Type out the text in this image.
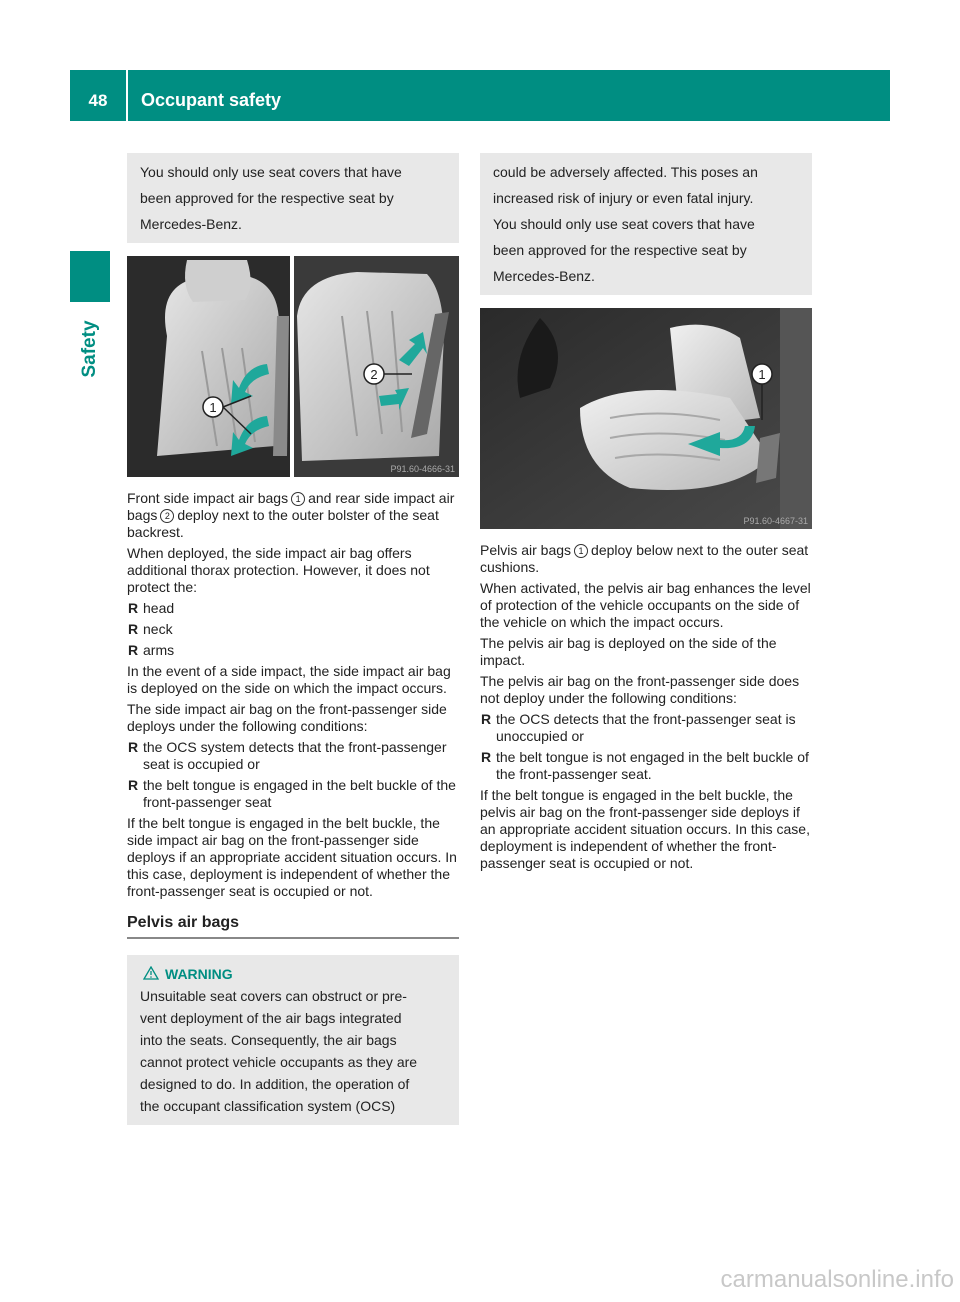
48	Occupant safety
Safety

You should only use seat covers that have

been approved for the respective seat by

Mercedes-Benz.

1
2
P91.60-4666-31

Front side impact air bags 1 and rear side impact air bags 2 deploy next to the outer bolster of the seat backrest.

When deployed, the side impact air bag offers additional thorax protection. However, it does not protect the:

R head
R neck
R arms

In the event of a side impact, the side impact air bag is deployed on the side on which the impact occurs.

The side impact air bag on the front-passenger side deploys under the following conditions:

R the OCS system detects that the front-passenger seat is occupied or
R the belt tongue is engaged in the belt buckle of the front-passenger seat

If the belt tongue is engaged in the belt buckle, the side impact air bag on the front-passenger side deploys if an appropriate accident situation occurs. In this case, deployment is independent of whether the front-passenger seat is occupied or not.

Pelvis air bags
WARNING

Unsuitable seat covers can obstruct or pre-

vent deployment of the air bags integrated

into the seats. Consequently, the air bags

cannot protect vehicle occupants as they are

designed to do. In addition, the operation of

the occupant classification system (OCS)

could be adversely affected. This poses an

increased risk of injury or even fatal injury.

You should only use seat covers that have

been approved for the respective seat by

Mercedes-Benz.

1
P91.60-4667-31

Pelvis air bags 1 deploy below next to the outer seat cushions.

When activated, the pelvis air bag enhances the level of protection of the vehicle occupants on the side of the vehicle on which the impact occurs.

The pelvis air bag is deployed on the side of the impact.

The pelvis air bag on the front-passenger side does not deploy under the following conditions:

R the OCS detects that the front-passenger seat is unoccupied or
R the belt tongue is not engaged in the belt buckle of the front-passenger seat.

If the belt tongue is engaged in the belt buckle, the pelvis air bag on the front-passenger side deploys if an appropriate accident situation occurs. In this case, deployment is independent of whether the front-passenger seat is occupied or not.

carmanualsonline.info
